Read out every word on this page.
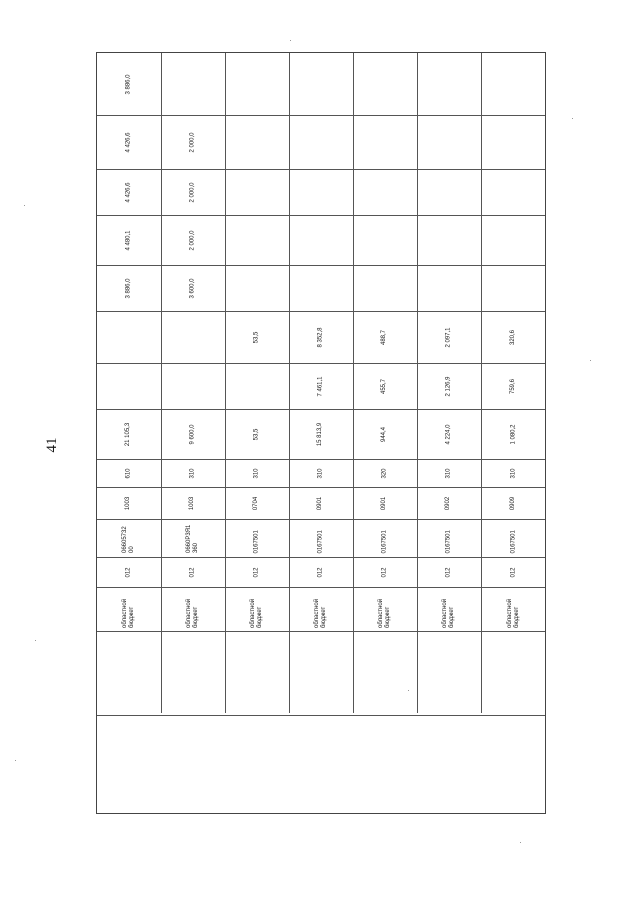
41
3 886,0
4 426,6
4 426,6
4 480,1
3 886,0
21 105,3
610
1003
06605732 00
012
областной бюджет
2 000,0
2 000,0
2 000,0
3 600,0
9 600,0
310
1003
0660Р3Я1 360
012
областной бюджет
53,5
53,5
310
0704
0167501
012
областной бюджет
8 352,8
7 461,1
15 813,9
310
0901
0167501
012
областной бюджет
488,7
455,7
944,4
320
0901
0167501
012
областной бюджет
2 097,1
2 126,9
4 224,0
310
0902
0167501
012
областной бюджет
320,6
759,6
1 080,2
310
0909
0167501
012
областной бюджет
